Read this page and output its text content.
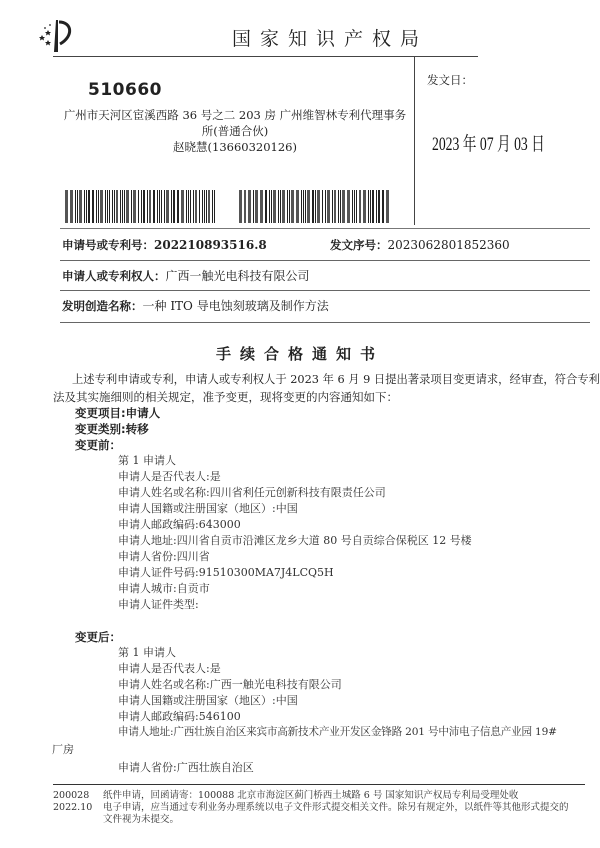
国家知识产权局
510660
广州市天河区宦溪西路 36 号之二 203 房 广州维智林专利代理事务
所(普通合伙)
赵晓慧(13660320126)
发文日：
2023 年 07 月 03 日
申请号或专利号：202210893516.8	发文序号：2023062801852360
申请人或专利权人：广西一触光电科技有限公司
发明创造名称：一种 ITO 导电蚀刻玻璃及制作方法
手续合格通知书
上述专利申请或专利，申请人或专利权人于 2023 年 6 月 9 日提出著录项目变更请求，经审查，符合专利
法及其实施细则的相关规定，准予变更，现将变更的内容通知如下：
变更项目:申请人
变更类别:转移
变更前：
第 1 申请人
申请人是否代表人:是
申请人姓名或名称:四川省利任元创新科技有限责任公司
申请人国籍或注册国家（地区）:中国
申请人邮政编码:643000
申请人地址:四川省自贡市沿滩区龙乡大道 80 号自贡综合保税区 12 号楼
申请人省份:四川省
申请人证件号码:91510300MA7J4LCQ5H
申请人城市:自贡市
申请人证件类型:
变更后：
第 1 申请人
申请人是否代表人:是
申请人姓名或名称:广西一触光电科技有限公司
申请人国籍或注册国家（地区）:中国
申请人邮政编码:546100
申请人地址:广西壮族自治区来宾市高新技术产业开发区金锋路 201 号中沛电子信息产业园 19#
厂房
申请人省份:广西壮族自治区
200028
2022.10
纸件申请，回函请寄：100088 北京市海淀区蓟门桥西土城路 6 号 国家知识产权局专利局受理处收
电子申请，应当通过专利业务办理系统以电子文件形式提交相关文件。除另有规定外，以纸件等其他形式提交的
文件视为未提交。
